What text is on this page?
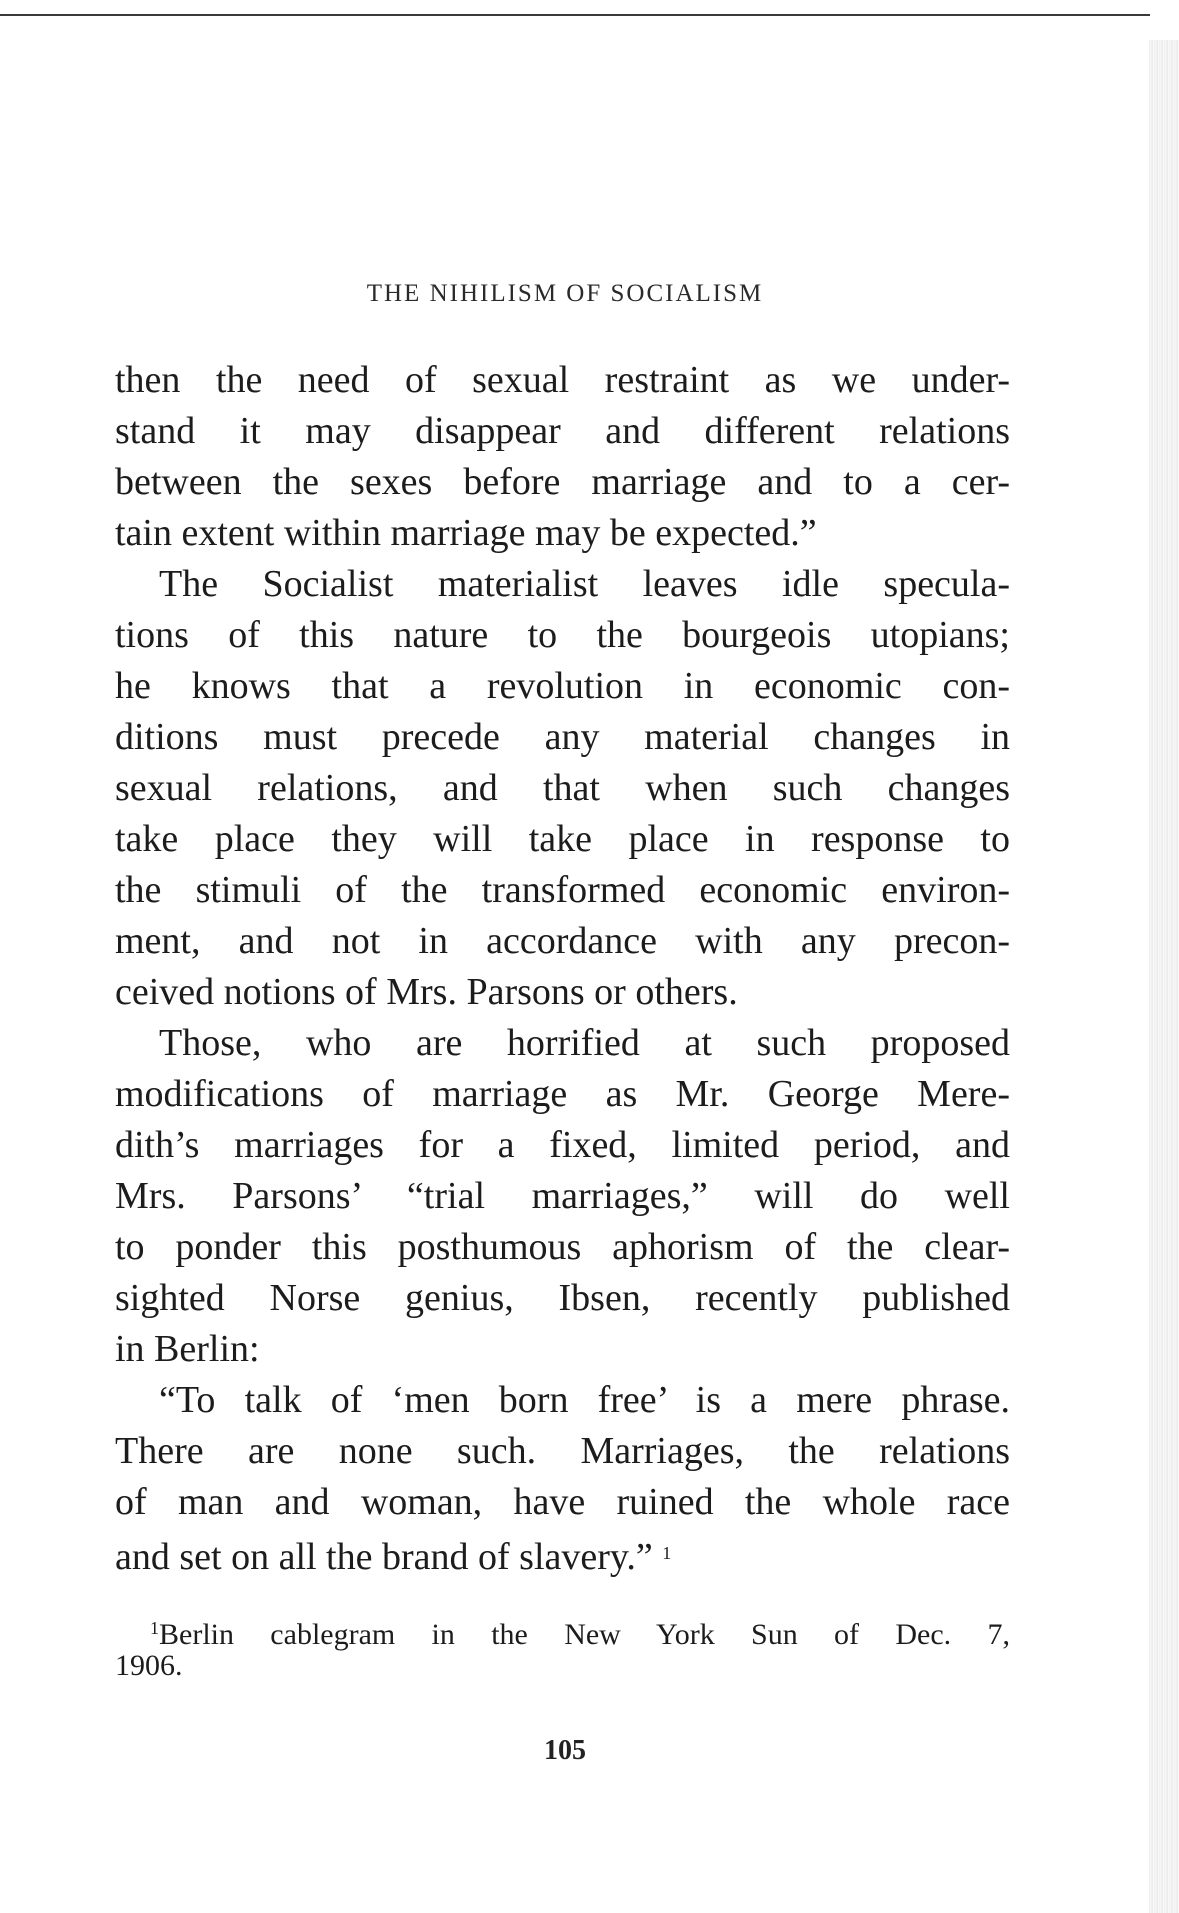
THE NIHILISM OF SOCIALISM
then the need of sexual restraint as we under-
stand it may disappear and different relations
between the sexes before marriage and to a cer-
tain extent within marriage may be expected.”
The Socialist materialist leaves idle specula-
tions of this nature to the bourgeois utopians;
he knows that a revolution in economic con-
ditions must precede any material changes in
sexual relations, and that when such changes
take place they will take place in response to
the stimuli of the transformed economic environ-
ment, and not in accordance with any precon-
ceived notions of Mrs. Parsons or others.
Those, who are horrified at such proposed
modifications of marriage as Mr. George Mere-
dith’s marriages for a fixed, limited period, and
Mrs. Parsons’ “trial marriages,” will do well
to ponder this posthumous aphorism of the clear-
sighted Norse genius, Ibsen, recently published
in Berlin:
“To talk of ‘men born free’ is a mere phrase.
There are none such. Marriages, the relations
of man and woman, have ruined the whole race
and set on all the brand of slavery.” $^1$
$^1$Berlin cablegram in the New York Sun of Dec. 7,
1906.
105
